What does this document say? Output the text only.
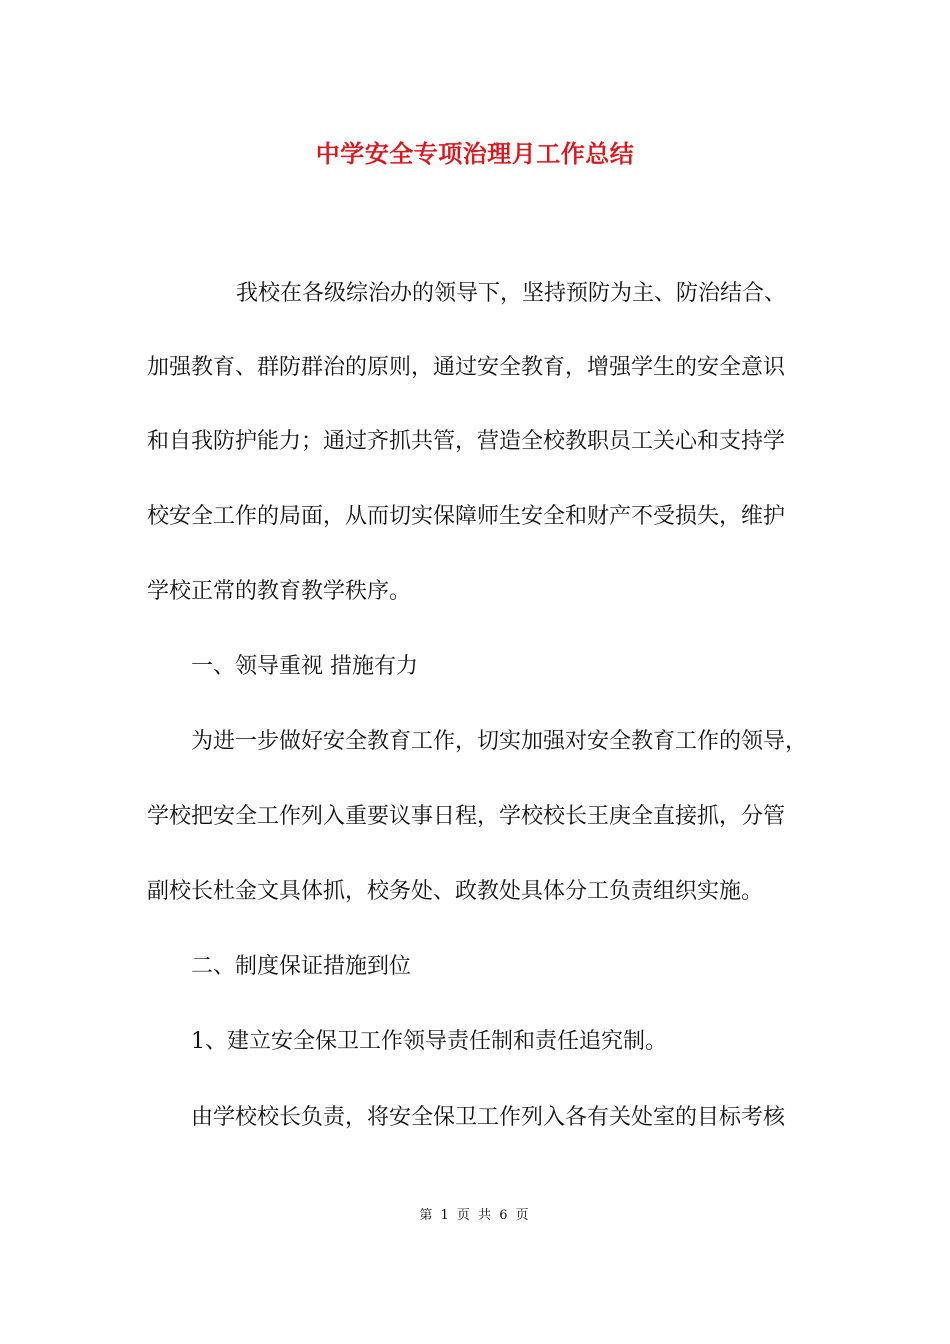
中学安全专项治理月工作总结
我校在各级综治办的领导下，坚持预防为主、防治结合、
加强教育、群防群治的原则，通过安全教育，增强学生的安全意识
和自我防护能力；通过齐抓共管，营造全校教职员工关心和支持学
校安全工作的局面，从而切实保障师生安全和财产不受损失，维护
学校正常的教育教学秩序。
一、领导重视 措施有力
为进一步做好安全教育工作，切实加强对安全教育工作的领导，
学校把安全工作列入重要议事日程，学校校长王庚全直接抓，分管
副校长杜金文具体抓，校务处、政教处具体分工负责组织实施。
二、制度保证措施到位
1、建立安全保卫工作领导责任制和责任追究制。
由学校校长负责，将安全保卫工作列入各有关处室的目标考核
第 1 页 共 6 页
